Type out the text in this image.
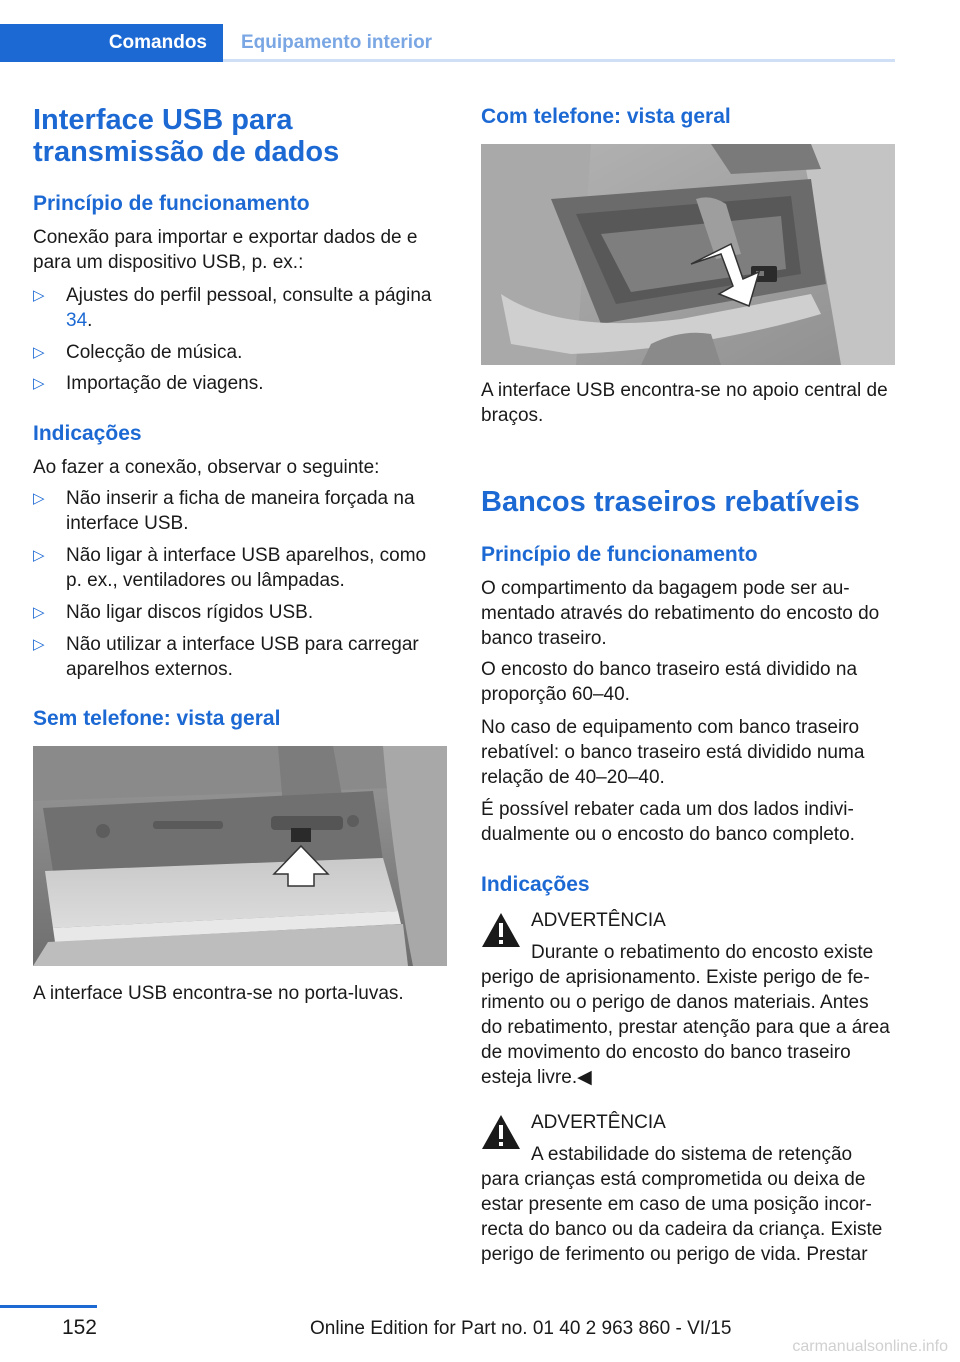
Comandos	Equipamento interior
Interface USB para transmissão de dados
Princípio de funcionamento
Conexão para importar e exportar dados de e para um dispositivo USB, p. ex.:
▷ Ajustes do perfil pessoal, consulte a página 34.
▷ Colecção de música.
▷ Importação de viagens.
Indicações
Ao fazer a conexão, observar o seguinte:
▷ Não inserir a ficha de maneira forçada na interface USB.
▷ Não ligar à interface USB aparelhos, como p. ex., ventiladores ou lâmpadas.
▷ Não ligar discos rígidos USB.
▷ Não utilizar a interface USB para carregar aparelhos externos.
Sem telefone: vista geral
A interface USB encontra-se no porta-luvas.
Com telefone: vista geral
A interface USB encontra-se no apoio central de braços.
Bancos traseiros rebatíveis
Princípio de funcionamento
O compartimento da bagagem pode ser aumentado através do rebatimento do encosto do banco traseiro.
O encosto do banco traseiro está dividido na proporção 60–40.
No caso de equipamento com banco traseiro rebatível: o banco traseiro está dividido numa relação de 40–20–40.
É possível rebater cada um dos lados individualmente ou o encosto do banco completo.
Indicações
ADVERTÊNCIA
Durante o rebatimento do encosto existe
perigo de aprisionamento. Existe perigo de ferimento ou o perigo de danos materiais. Antes do rebatimento, prestar atenção para que a área de movimento do encosto do banco traseiro esteja livre.◀
ADVERTÊNCIA
A estabilidade do sistema de retenção
para crianças está comprometida ou deixa de estar presente em caso de uma posição incorrecta do banco ou da cadeira da criança. Existe perigo de ferimento ou perigo de vida. Prestar
152	Online Edition for Part no. 01 40 2 963 860 - VI/15
carmanualsonline.info
